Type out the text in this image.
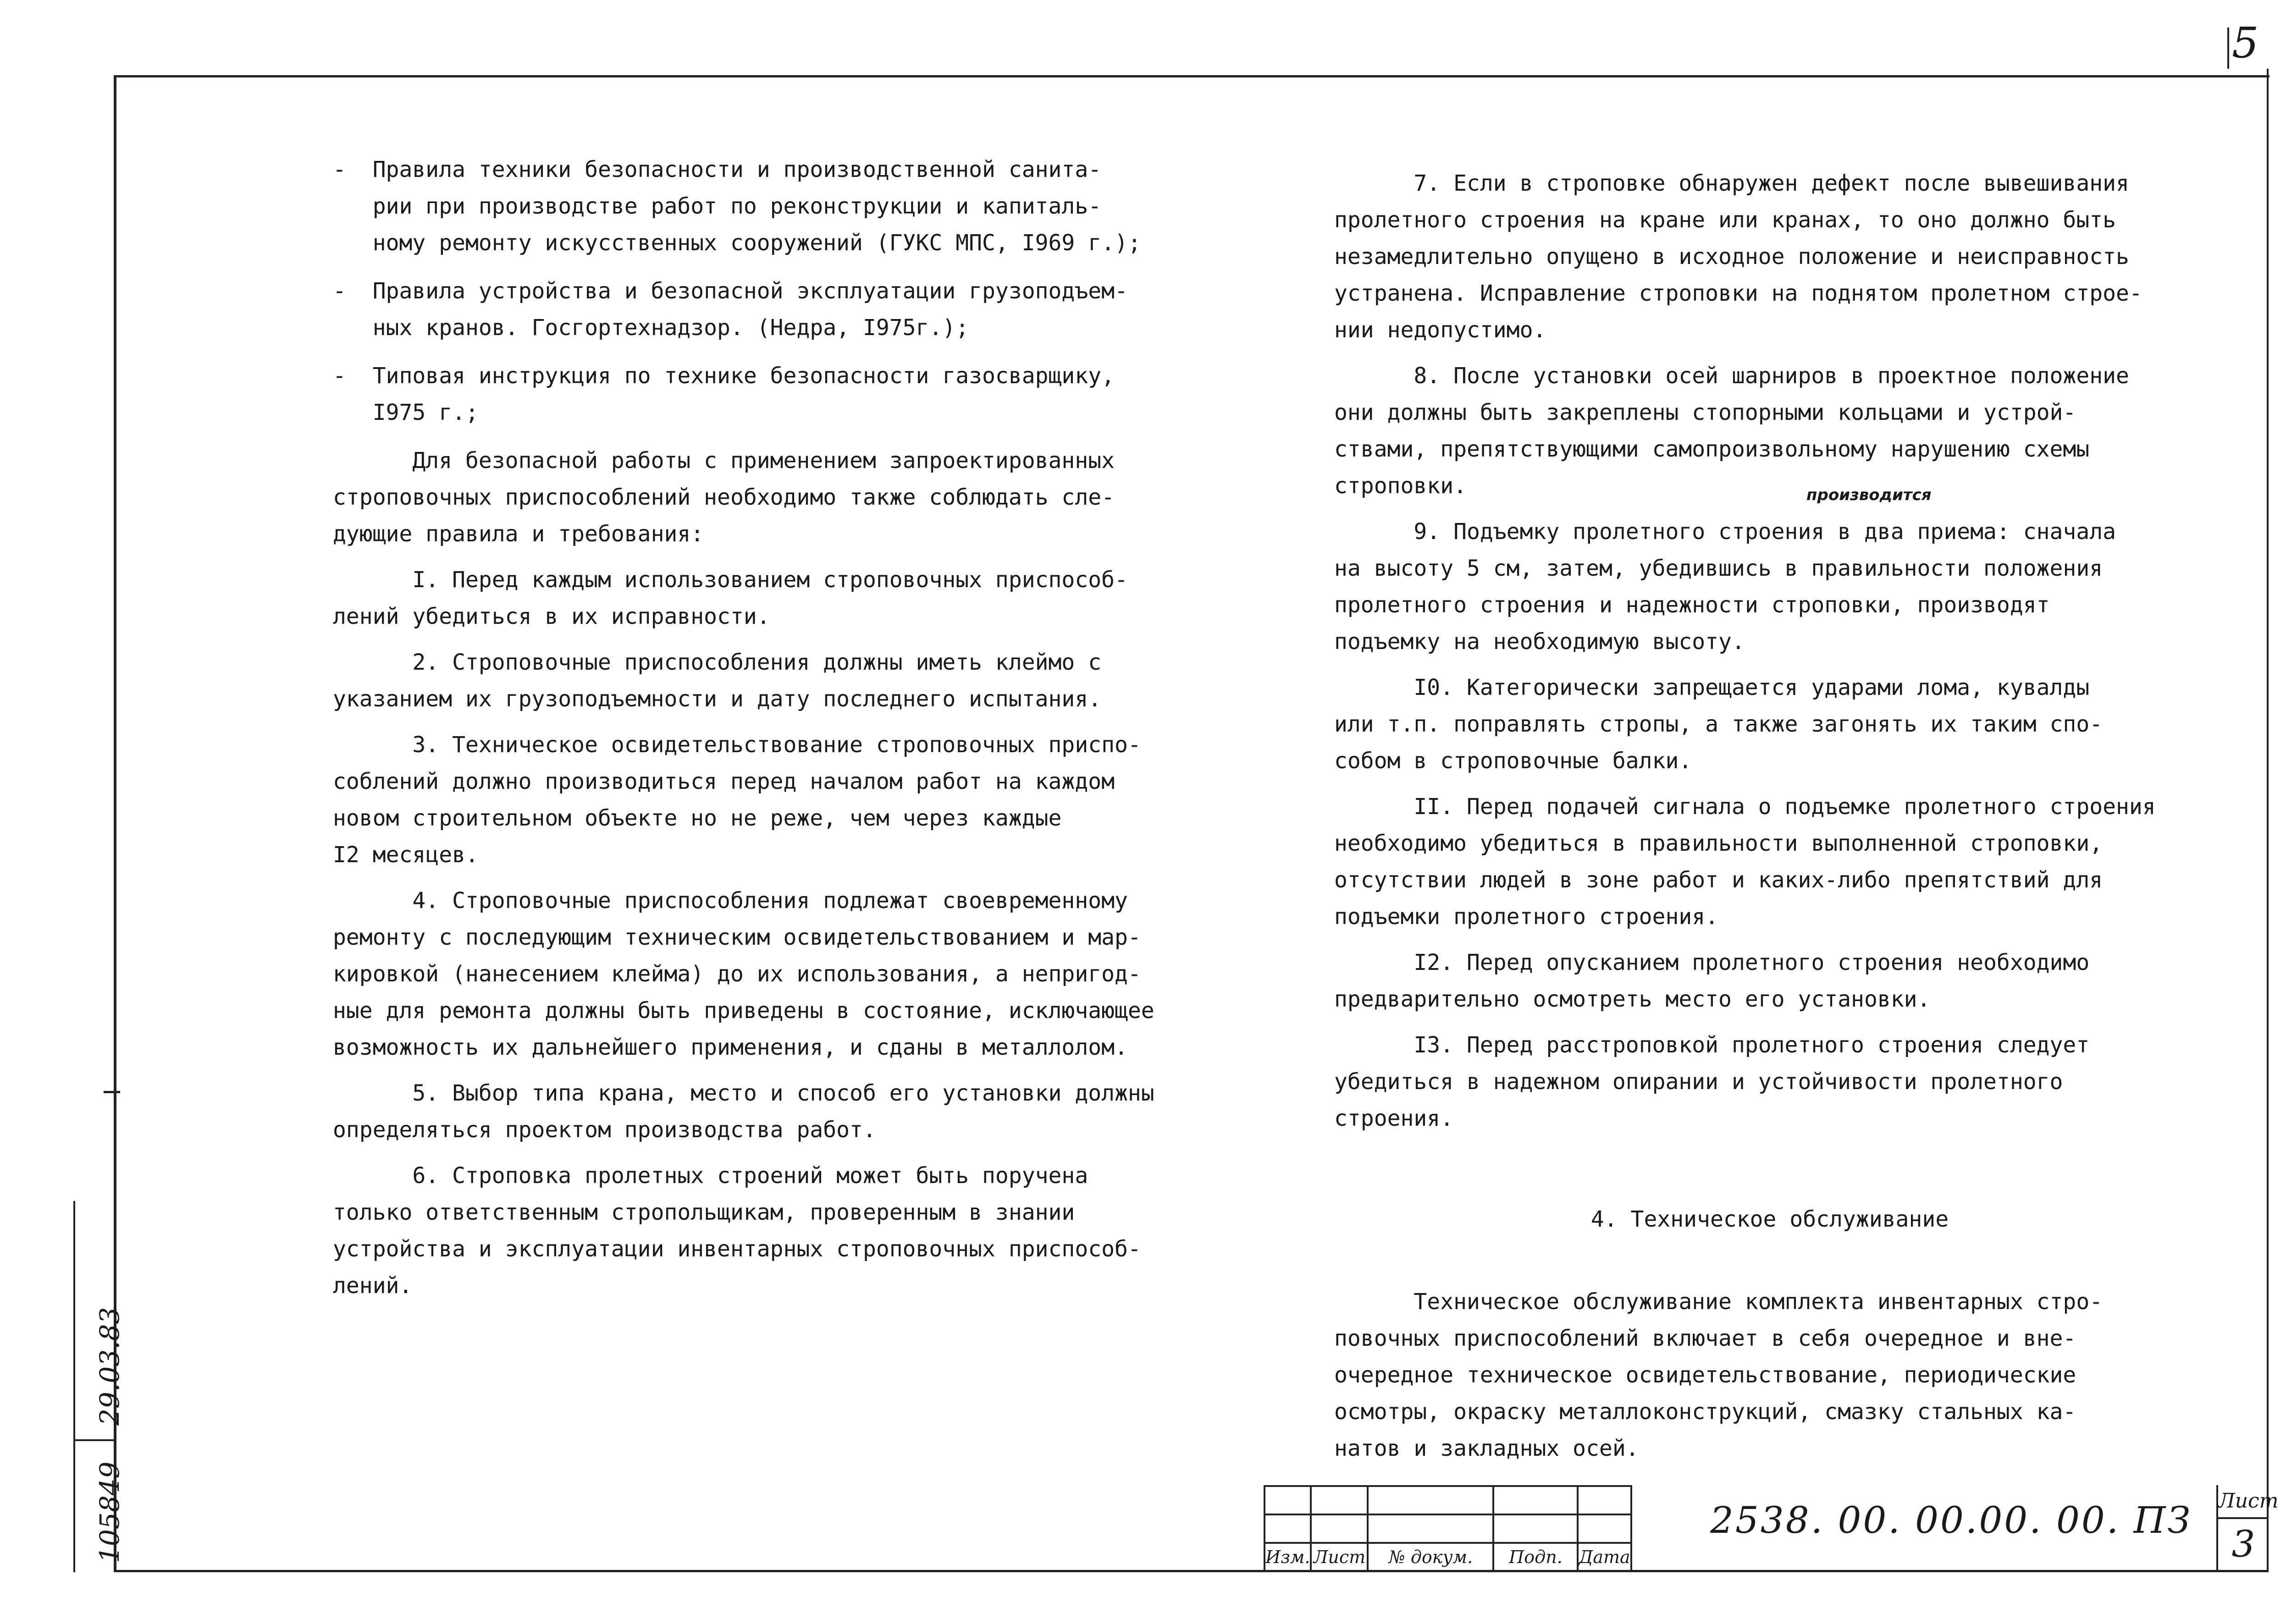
5
105849
29.03.83
-  Правила техники безопасности и производственной санита-
рии при производстве работ по реконструкции и капиталь-
ному ремонту искусственных сооружений (ГУКС МПС, I969 г.);
-  Правила устройства и безопасной эксплуатации грузоподъем-
ных кранов. Госгортехнадзор. (Недра, I975г.);
-  Типовая инструкция по технике безопасности газосварщику,
I975 г.;
Для безопасной работы с применением запроектированных
строповочных приспособлений необходимо также соблюдать сле-
дующие правила и требования:
I. Перед каждым использованием строповочных приспособ-
лений убедиться в их исправности.
2. Строповочные приспособления должны иметь клеймо с
указанием их грузоподъемности и дату последнего испытания.
3. Техническое освидетельствование строповочных приспо-
соблений должно производиться перед началом работ на каждом
новом строительном объекте но не реже, чем через каждые
I2 месяцев.
4. Строповочные приспособления подлежат своевременному
ремонту с последующим техническим освидетельствованием и мар-
кировкой (нанесением клейма) до их использования, а непригод-
ные для ремонта должны быть приведены в состояние, исключающее
возможность их дальнейшего применения, и сданы в металлолом.
5. Выбор типа крана, место и способ его установки должны
определяться проектом производства работ.
6. Строповка пролетных строений может быть поручена
только ответственным стропольщикам, проверенным в знании
устройства и эксплуатации инвентарных строповочных приспособ-
лений.
7. Если в строповке обнаружен дефект после вывешивания
пролетного строения на кране или кранах, то оно должно быть
незамедлительно опущено в исходное положение и неисправность
устранена. Исправление строповки на поднятом пролетном строе-
нии недопустимо.
8. После установки осей шарниров в проектное положение
они должны быть закреплены стопорными кольцами и устрой-
ствами, препятствующими самопроизвольному нарушению схемы
строповки.
9. Подъемку пролетного строения в два приема: сначала
на высоту 5 см, затем, убедившись в правильности положения
пролетного строения и надежности строповки, производят
подъемку на необходимую высоту.
I0. Категорически запрещается ударами лома, кувалды
или т.п. поправлять стропы, а также загонять их таким спо-
собом в строповочные балки.
II. Перед подачей сигнала о подъемке пролетного строения
необходимо убедиться в правильности выполненной строповки,
отсутствии людей в зоне работ и каких-либо препятствий для
подъемки пролетного строения.
I2. Перед опусканием пролетного строения необходимо
предварительно осмотреть место его установки.
I3. Перед расстроповкой пролетного строения следует
убедиться в надежном опирании и устойчивости пролетного
строения.
4. Техническое обслуживание
Техническое обслуживание комплекта инвентарных стро-
повочных приспособлений включает в себя очередное и вне-
очередное техническое освидетельствование, периодические
осмотры, окраску металлоконструкций, смазку стальных ка-
натов и закладных осей.
производится

Изм.	Лист	№ докум.	Подп.	Дата
2538. 00. 00.00. 00. ПЗ Лист
3
